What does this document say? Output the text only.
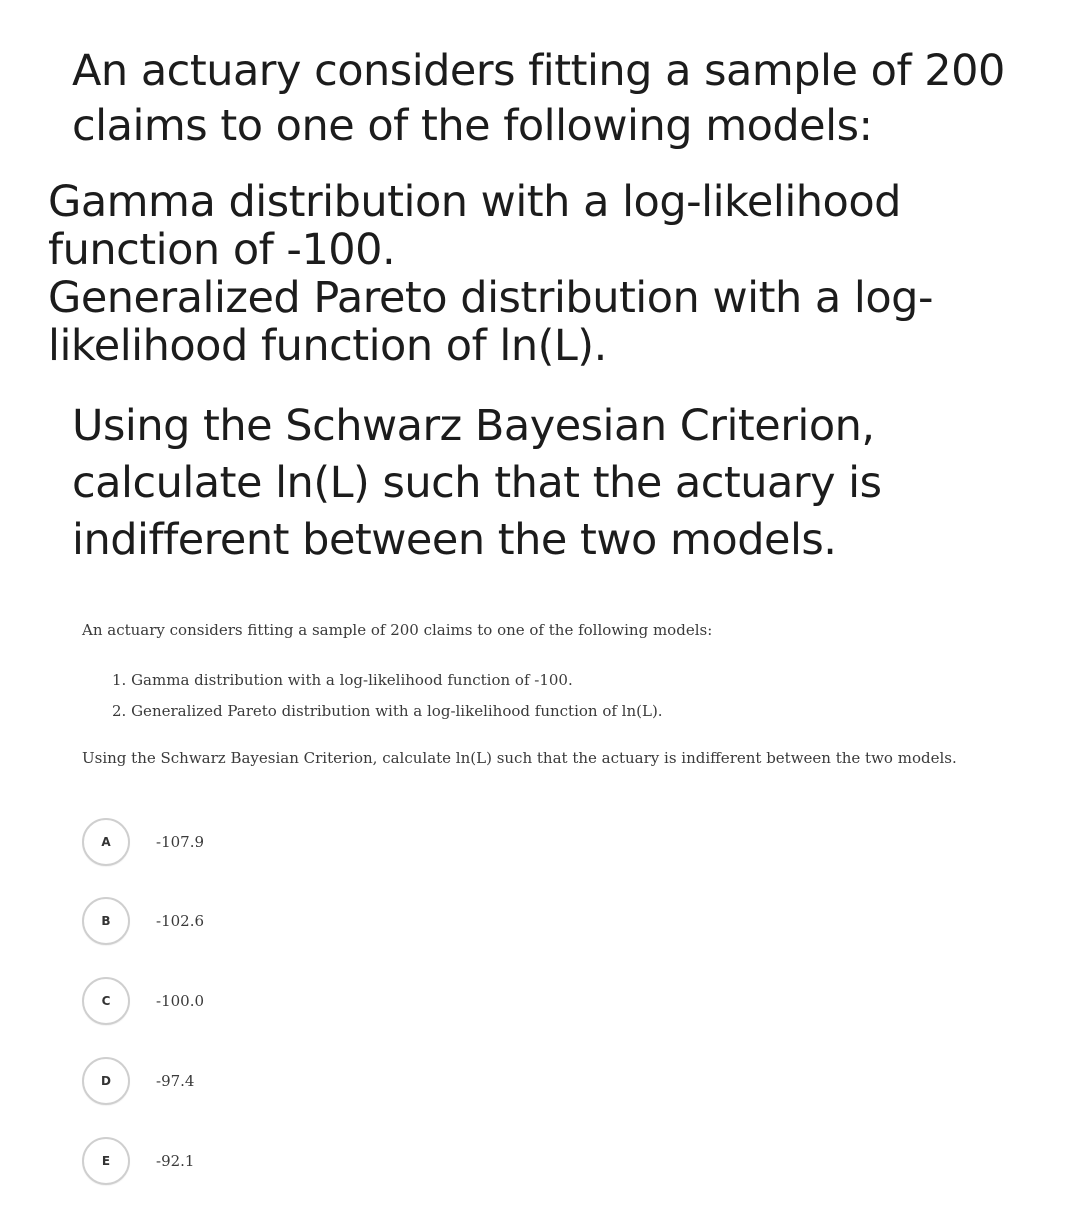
An actuary considers fitting a sample of 200 claims to one of the following models:

Gamma distribution with a log-likelihood
function of -100.
Generalized Pareto distribution with a log-
likelihood function of ln(L).

Using the Schwarz Bayesian Criterion, calculate ln(L) such that the actuary is indifferent between the two models.

An actuary considers fitting a sample of 200 claims to one of the following models:

1. Gamma distribution with a log-likelihood function of -100.
2. Generalized Pareto distribution with a log-likelihood function of ln(L).

Using the Schwarz Bayesian Criterion, calculate ln(L) such that the actuary is indifferent between the two models.

A	-107.9
B	-102.6
C	-100.0
D	-97.4
E	-92.1
